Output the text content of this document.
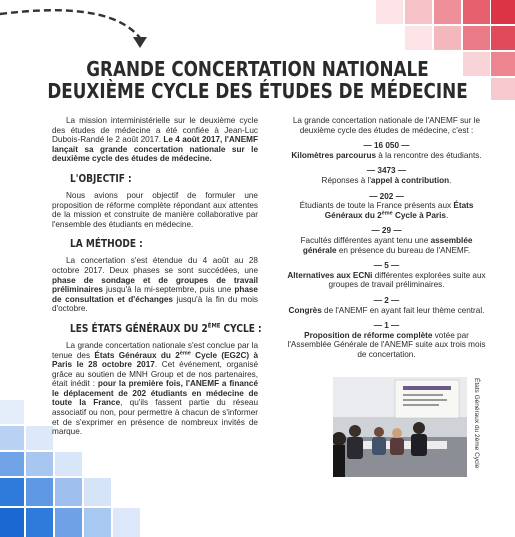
GRANDE CONCERTATION NATIONALE
DEUXIÈME CYCLE DES ÉTUDES DE MÉDECINE

La mission interministérielle sur le deuxième cycle des études de médecine a été confiée à Jean-Luc Dubois-Randé le 2 août 2017. Le 4 août 2017, l'ANEMF lançait sa grande concertation nationale sur le deuxième cycle des études de médecine.

L'OBJECTIF :

Nous avions pour objectif de formuler une proposition de réforme complète répondant aux attentes de la mission et construite de manière collaborative par l'ensemble des étudiants en médecine.

LA MÉTHODE :

La concertation s'est étendue du 4 août au 28 octobre 2017. Deux phases se sont succédées, une phase de sondage et de groupes de travail préliminaires jusqu'à la mi-septembre, puis une phase de consultation et d'échanges jusqu'à la fin du mois d'octobre.

LES ÉTATS GÉNÉRAUX DU 2ÈME CYCLE :

La grande concertation nationale s'est conclue par la tenue des États Généraux du 2ème Cycle (EG2C) à Paris le 28 octobre 2017. Cet événement, organisé grâce au soutien de MNH Group et de nos partenaires, était inédit : pour la première fois, l'ANEMF a financé le déplacement de 202 étudiants en médecine de toute la France, qu'ils fassent partie du réseau associatif ou non, pour permettre à chacun de s'informer et de s'exprimer en présence de nombreux invités de marque.

La grande concertation nationale de l'ANEMF sur le deuxième cycle des études de médecine, c'est :
— 16 050 —
Kilomètres parcourus à la rencontre des étudiants.
— 3473 —
Réponses à l'appel à contribution.
— 202 —
Étudiants de toute la France présents aux États Généraux du 2ème Cycle à Paris.
— 29 —
Facultés différentes ayant tenu une assemblée générale en présence du bureau de l'ANEMF.
— 5 —
Alternatives aux ECNi différentes explorées suite aux groupes de travail préliminaires.
— 2 —
Congrès de l'ANEMF en ayant fait leur thème central.
— 1 —
Proposition de réforme complète votée par l'Assemblée Générale de l'ANEMF suite aux trois mois de concertation.
États Généraux du 2ème Cycle
